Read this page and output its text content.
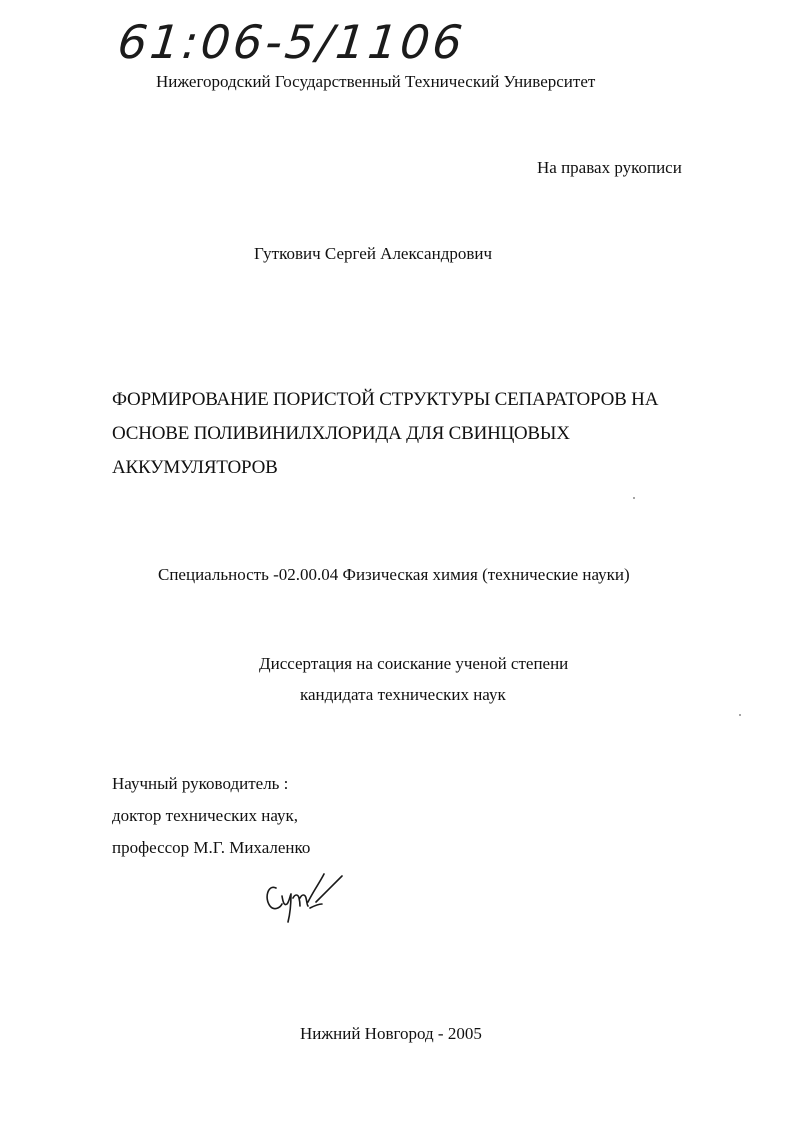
61:06-5/1106
Нижегородский Государственный Технический Университет
На правах рукописи
Гуткович Сергей Александрович
ФОРМИРОВАНИЕ ПОРИСТОЙ СТРУКТУРЫ СЕПАРАТОРОВ НА
ОСНОВЕ ПОЛИВИНИЛХЛОРИДА ДЛЯ СВИНЦОВЫХ
АККУМУЛЯТОРОВ
Специальность -02.00.04 Физическая химия (технические науки)
Диссертация на соискание ученой степени
кандидата технических наук
Научный руководитель :
доктор технических наук,
профессор М.Г. Михаленко
Нижний Новгород - 2005
